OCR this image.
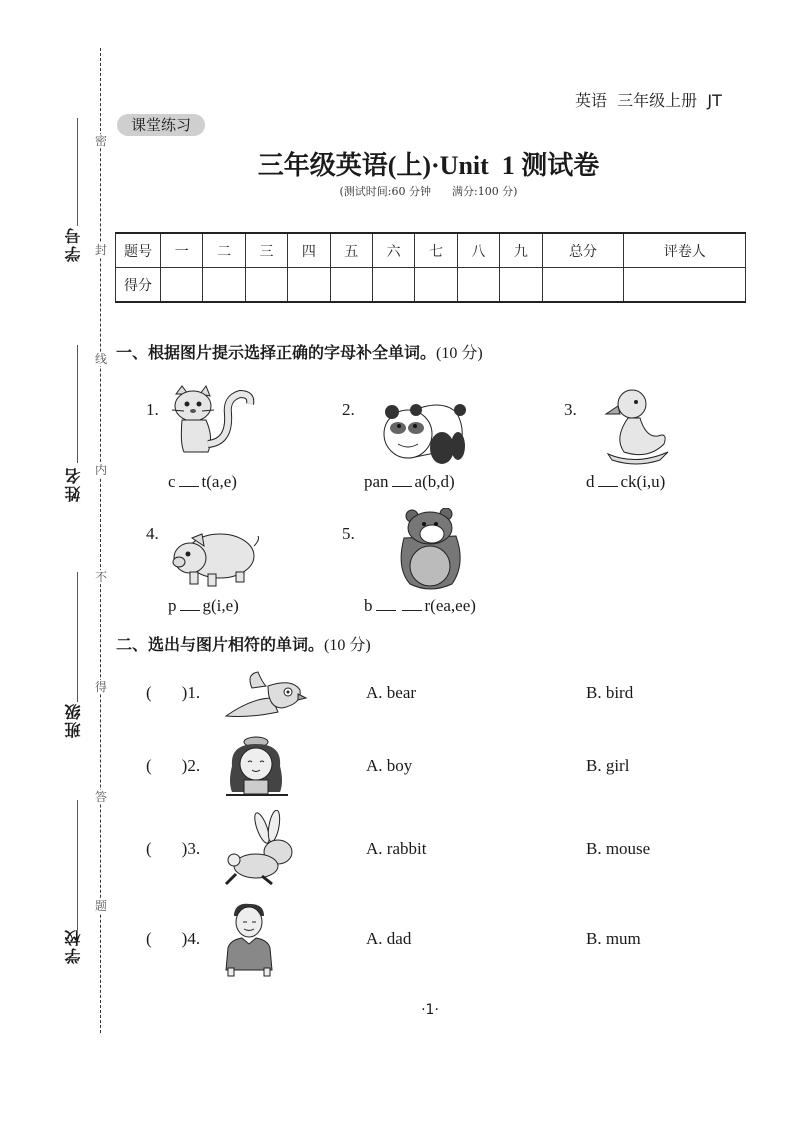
密
封
线
内
不
得
答
题
学号
姓名
班级
学校
英语  三年级上册  JT
课堂练习
三年级英语(上)·Unit  1 测试卷
(测试时间:60 分钟      满分:100 分)
题号	一	二	三	四	五	六	七	八	九	总分	评卷人
得分											
一、根据图片提示选择正确的字母补全单词。(10 分)
1.
c t(a,e)
2.
pan a(b,d)
3.
d ck(i,u)
4.
p g(i,e)
5.
b	r(ea,ee)
二、选出与图片相符的单词。(10 分)
( )1.	A. bear	B. bird
( )2.	A. boy	B. girl
( )3.	A. rabbit	B. mouse
( )4.	A. dad	B. mum
·1·
